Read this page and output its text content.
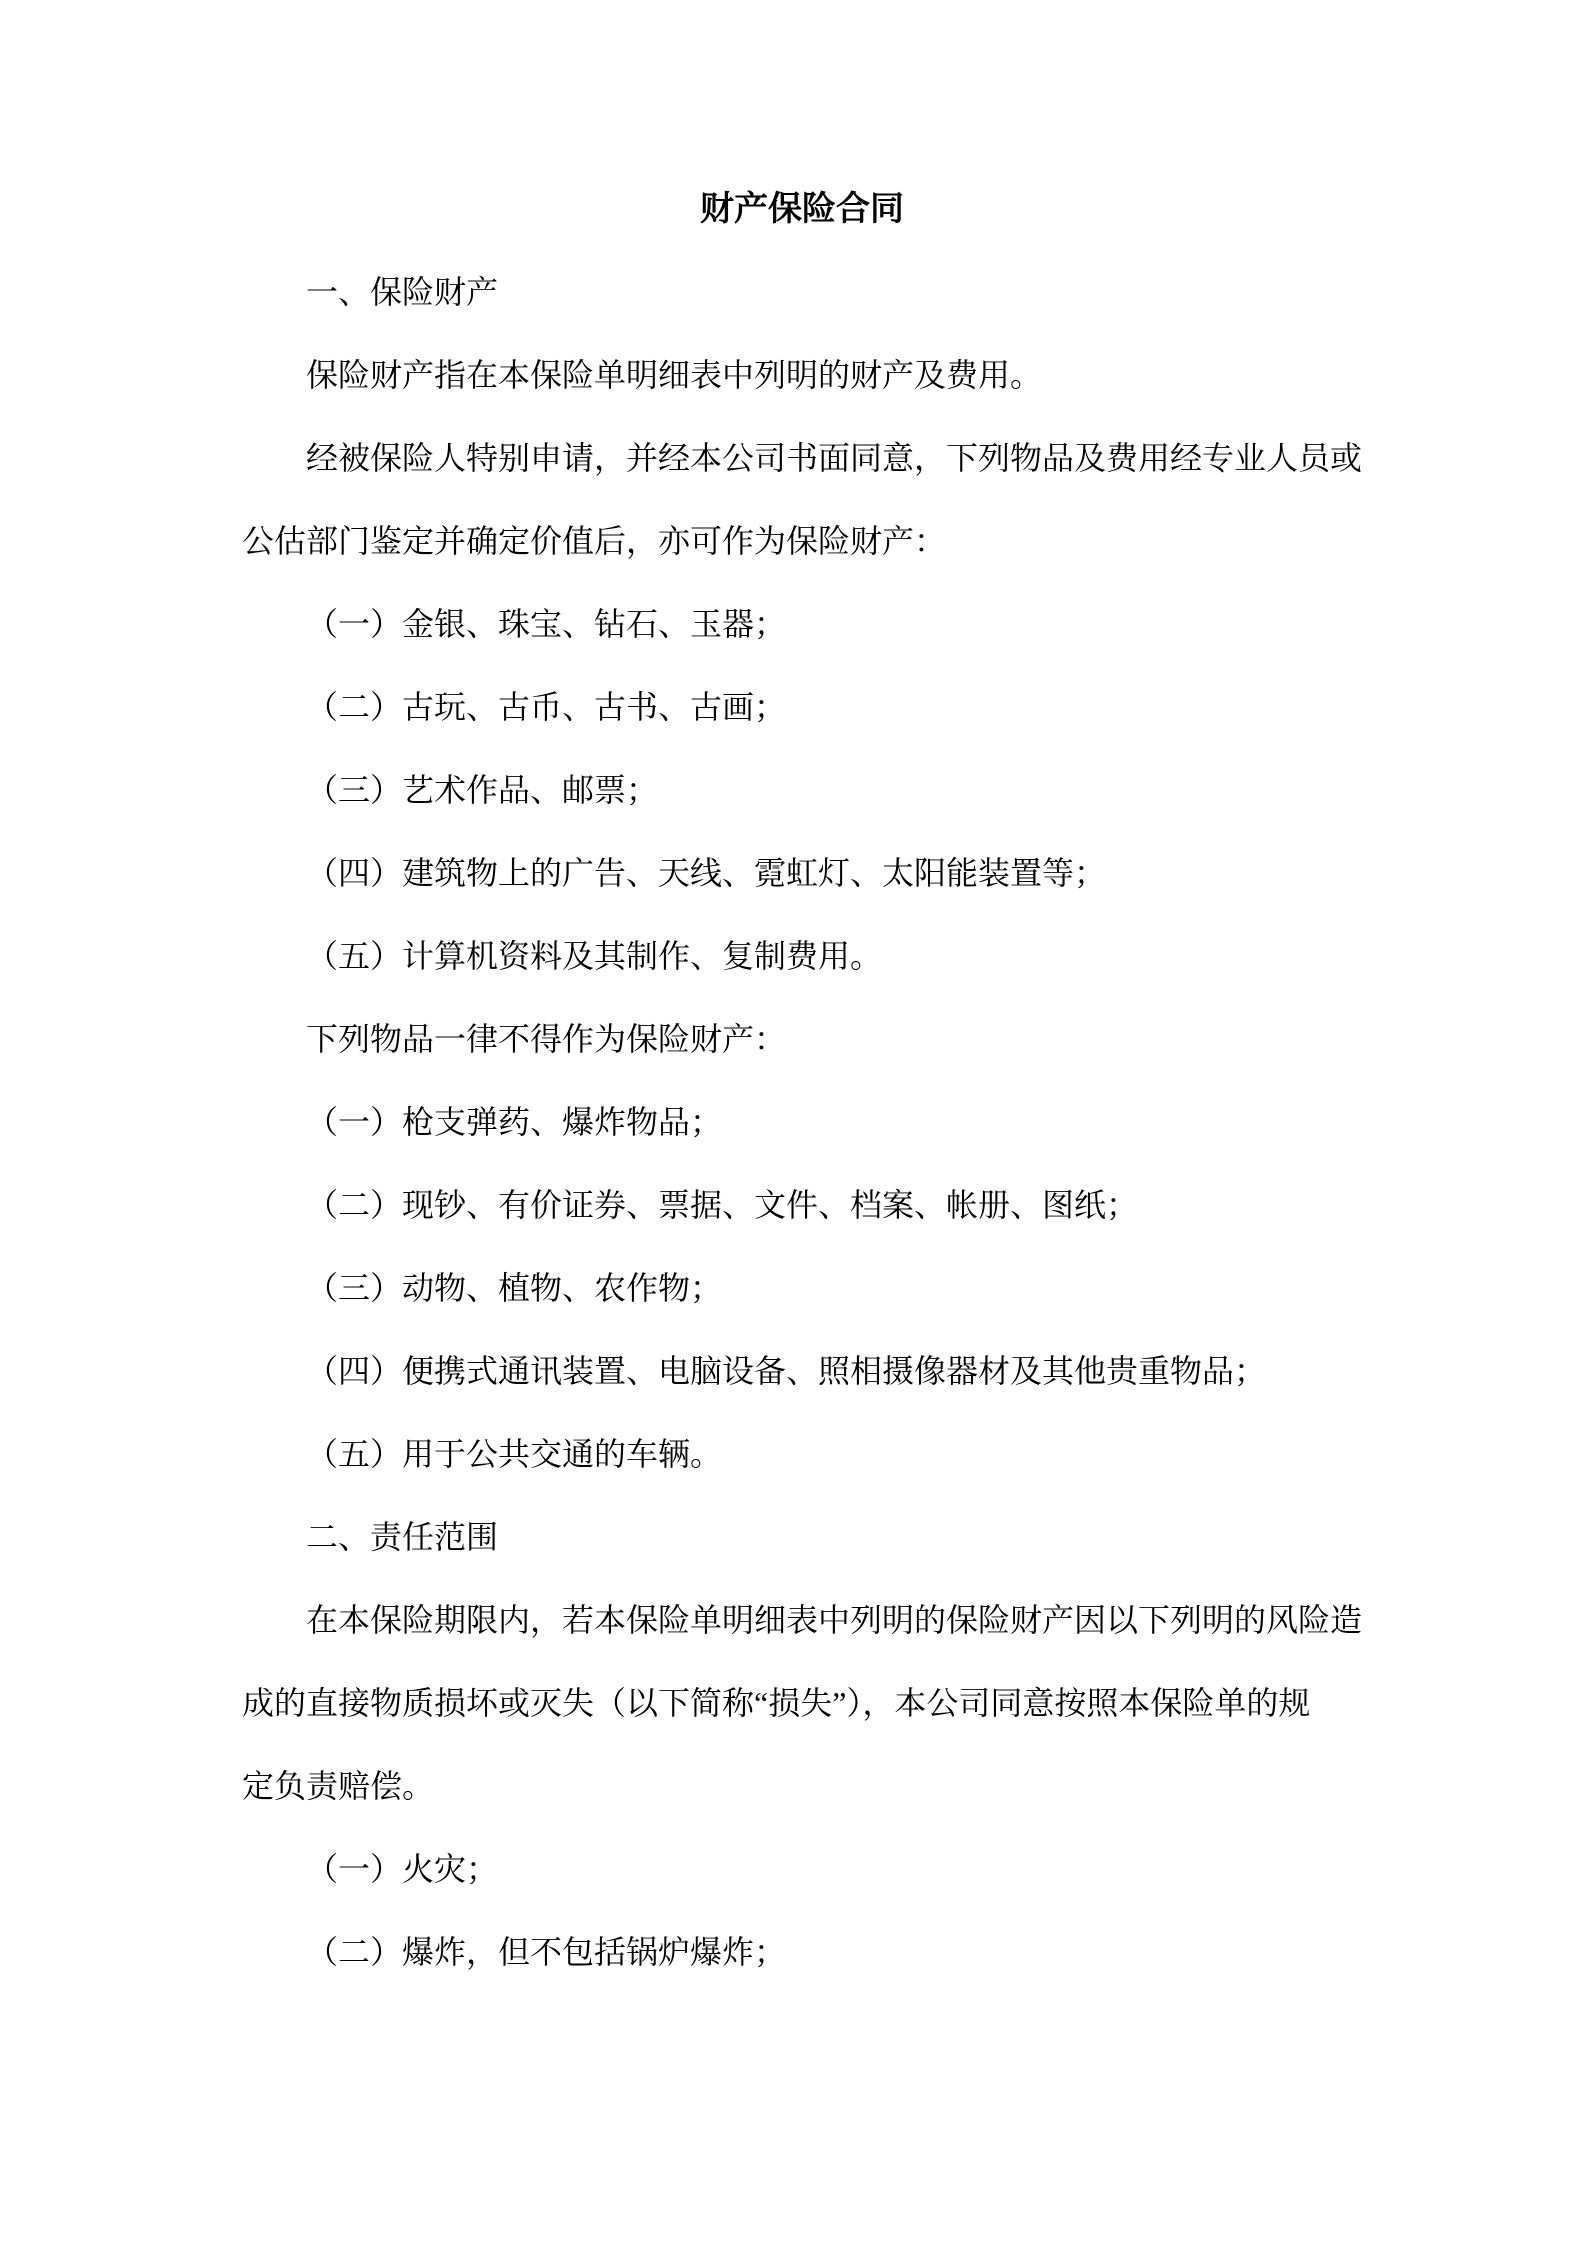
财产保险合同
一、保险财产
保险财产指在本保险单明细表中列明的财产及费用。
经被保险人特别申请，并经本公司书面同意，下列物品及费用经专业人员或
公估部门鉴定并确定价值后，亦可作为保险财产：
（一）金银、珠宝、钻石、玉器；
（二）古玩、古币、古书、古画；
（三）艺术作品、邮票；
（四）建筑物上的广告、天线、霓虹灯、太阳能装置等；
（五）计算机资料及其制作、复制费用。
下列物品一律不得作为保险财产：
（一）枪支弹药、爆炸物品；
（二）现钞、有价证券、票据、文件、档案、帐册、图纸；
（三）动物、植物、农作物；
（四）便携式通讯装置、电脑设备、照相摄像器材及其他贵重物品；
（五）用于公共交通的车辆。
二、责任范围
在本保险期限内，若本保险单明细表中列明的保险财产因以下列明的风险造
成的直接物质损坏或灭失（以下简称“损失”），本公司同意按照本保险单的规
定负责赔偿。
（一）火灾；
（二）爆炸，但不包括锅炉爆炸；
